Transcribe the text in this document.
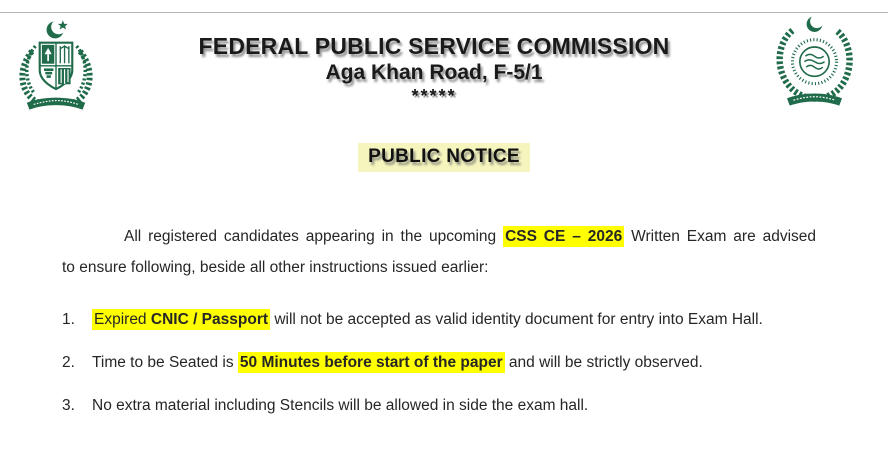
FEDERAL PUBLIC SERVICE COMMISSION
Aga Khan Road, F-5/1
*****
PUBLIC NOTICE
All registered candidates appearing in the upcoming CSS CE – 2026 Written Exam are advised
to ensure following, beside all other instructions issued earlier:
1.	Expired CNIC / Passport will not be accepted as valid identity document for entry into Exam Hall.
2.	Time to be Seated is 50 Minutes before start of the paper and will be strictly observed.
3.	No extra material including Stencils will be allowed in side the exam hall.
